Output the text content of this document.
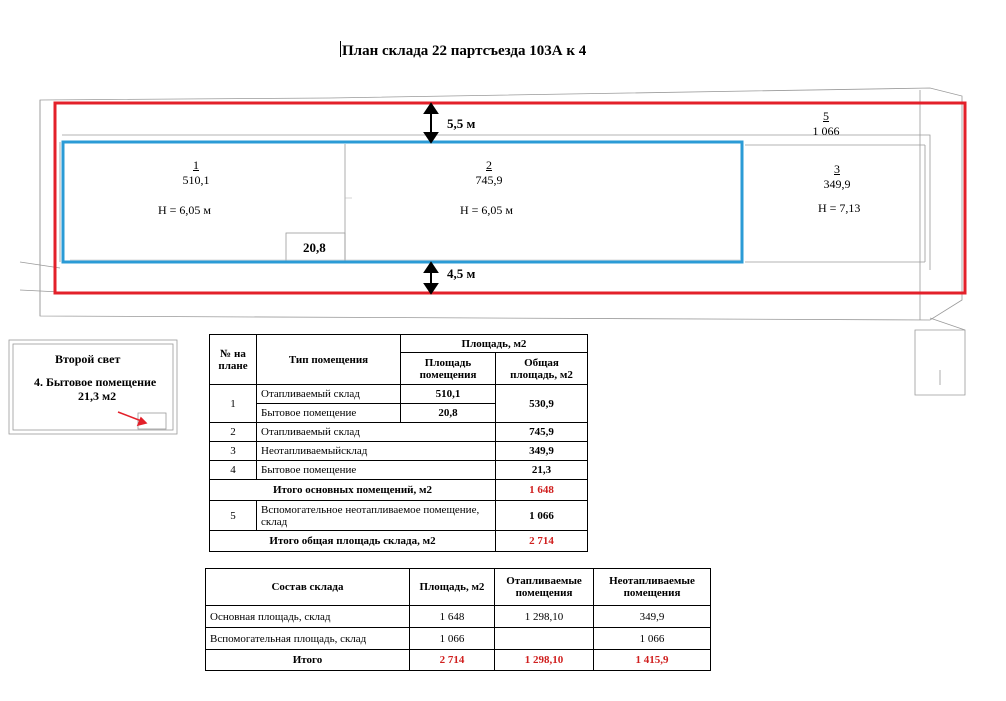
План склада 22 партсъезда 103А к 4
1
510,1
H = 6,05 м
2
745,9
H = 6,05 м
3
349,9
H = 7,13
5
1 066
20,8
5,5 м
4,5 м
Второй свет
4. Бытовое помещение
21,3 м2
№ на плане	Тип помещения	Площадь, м2	
		Площадь помещения	Общая площадь, м2
1	Отапливаемый склад	510,1	530,9
	Бытовое помещение	20,8	
2	Отапливаемый склад		745,9
3	Неотапливаемыйсклад		349,9
4	Бытовое помещение		21,3
Итого основных помещений, м2			1 648
5	Вспомогательное неотапливаемое помещение, склад		1 066
Итого общая площадь склада, м2			2 714
Состав склада	Площадь, м2	Отапливаемые помещения	Неотапливаемые помещения
Основная площадь, склад	1 648	1 298,10	349,9
Вспомогательная площадь, склад	1 066		1 066
Итого	2 714	1 298,10	1 415,9
